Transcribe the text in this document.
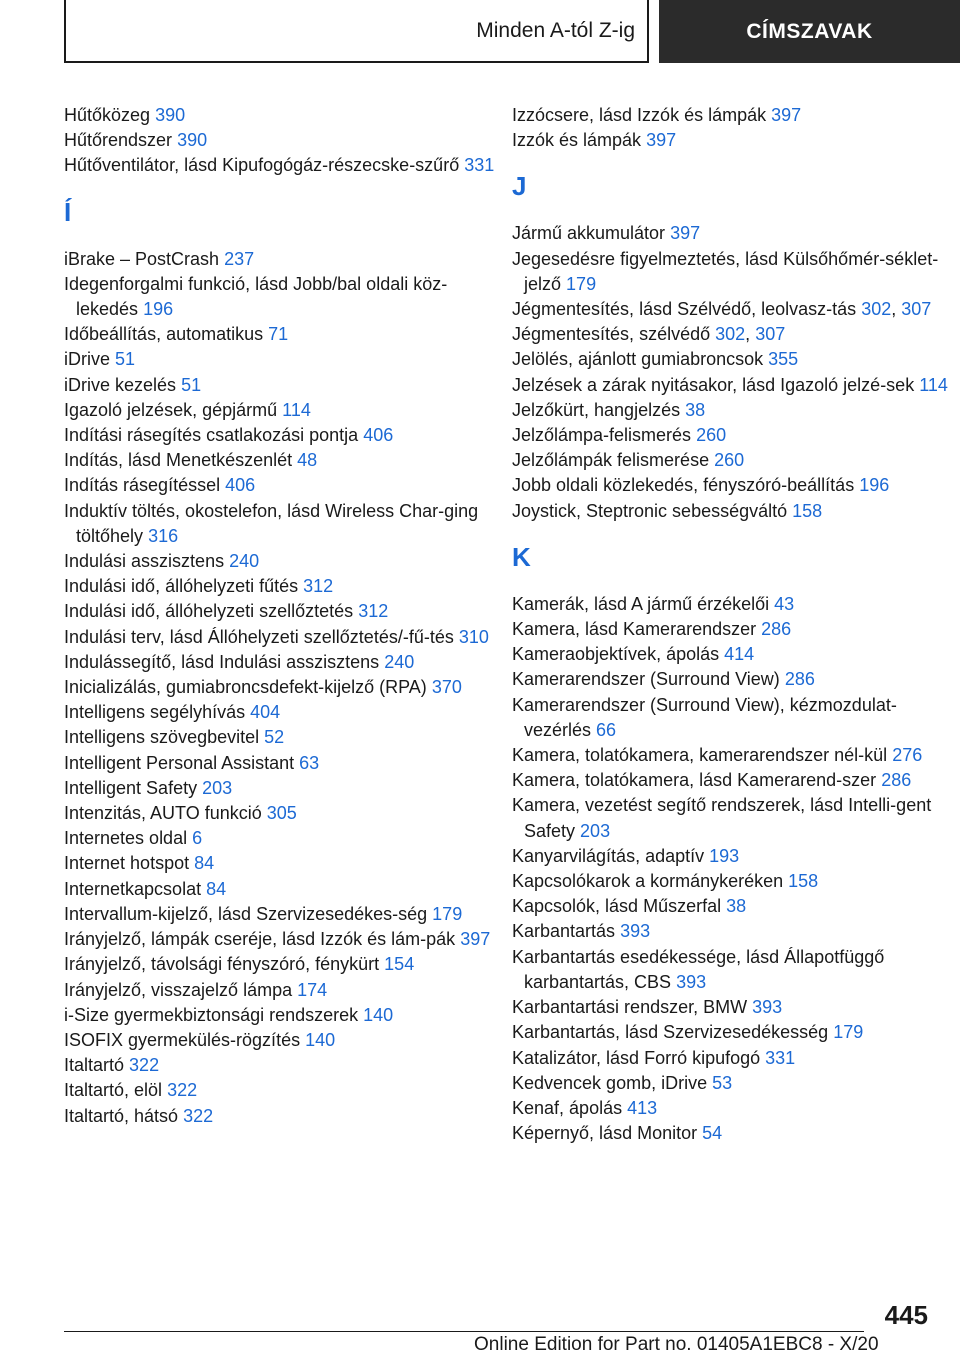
Minden A-tól Z-ig	CÍMSZAVAK

Hűtőközeg 390

Hűtőrendszer 390

Hűtőventilátor, lásd Kipufogógáz-részecske-szűrő 331

Í

iBrake – PostCrash 237

Idegenforgalmi funkció, lásd Jobb/bal oldali köz-lekedés 196

Időbeállítás, automatikus 71

iDrive 51

iDrive kezelés 51

Igazoló jelzések, gépjármű 114

Indítási rásegítés csatlakozási pontja 406

Indítás, lásd Menetkészenlét 48

Indítás rásegítéssel 406

Induktív töltés, okostelefon, lásd Wireless Char-ging töltőhely 316

Indulási asszisztens 240

Indulási idő, állóhelyzeti fűtés 312

Indulási idő, állóhelyzeti szellőztetés 312

Indulási terv, lásd Állóhelyzeti szellőztetés/-fű-tés 310

Indulássegítő, lásd Indulási asszisztens 240

Inicializálás, gumiabroncsdefekt-kijelző (RPA) 370

Intelligens segélyhívás 404

Intelligens szövegbevitel 52

Intelligent Personal Assistant 63

Intelligent Safety 203

Intenzitás, AUTO funkció 305

Internetes oldal 6

Internet hotspot 84

Internetkapcsolat 84

Intervallum-kijelző, lásd Szervizesedékes-ség 179

Irányjelző, lámpák cseréje, lásd Izzók és lám-pák 397

Irányjelző, távolsági fényszóró, fénykürt 154

Irányjelző, visszajelző lámpa 174

i-Size gyermekbiztonsági rendszerek 140

ISOFIX gyermekülés-rögzítés 140

Italtartó 322

Italtartó, elöl 322

Italtartó, hátsó 322

Izzócsere, lásd Izzók és lámpák 397

Izzók és lámpák 397

J

Jármű akkumulátor 397

Jegesedésre figyelmeztetés, lásd Külsőhőmér-séklet-jelző 179

Jégmentesítés, lásd Szélvédő, leolvasz-tás 302, 307

Jégmentesítés, szélvédő 302, 307

Jelölés, ajánlott gumiabroncsok 355

Jelzések a zárak nyitásakor, lásd Igazoló jelzé-sek 114

Jelzőkürt, hangjelzés 38

Jelzőlámpa-felismerés 260

Jelzőlámpák felismerése 260

Jobb oldali közlekedés, fényszóró-beállítás 196

Joystick, Steptronic sebességváltó 158

K

Kamerák, lásd A jármű érzékelői 43

Kamera, lásd Kamerarendszer 286

Kameraobjektívek, ápolás 414

Kamerarendszer (Surround View) 286

Kamerarendszer (Surround View), kézmozdulat-vezérlés 66

Kamera, tolatókamera, kamerarendszer nél-kül 276

Kamera, tolatókamera, lásd Kamerarend-szer 286

Kamera, vezetést segítő rendszerek, lásd Intelli-gent Safety 203

Kanyarvilágítás, adaptív 193

Kapcsolókarok a kormánykeréken 158

Kapcsolók, lásd Műszerfal 38

Karbantartás 393

Karbantartás esedékessége, lásd Állapotfüggő karbantartás, CBS 393

Karbantartási rendszer, BMW 393

Karbantartás, lásd Szervizesedékesség 179

Katalizátor, lásd Forró kipufogó 331

Kedvencek gomb, iDrive 53

Kenaf, ápolás 413

Képernyő, lásd Monitor 54

445
Online Edition for Part no. 01405A1EBC8 - X/20
